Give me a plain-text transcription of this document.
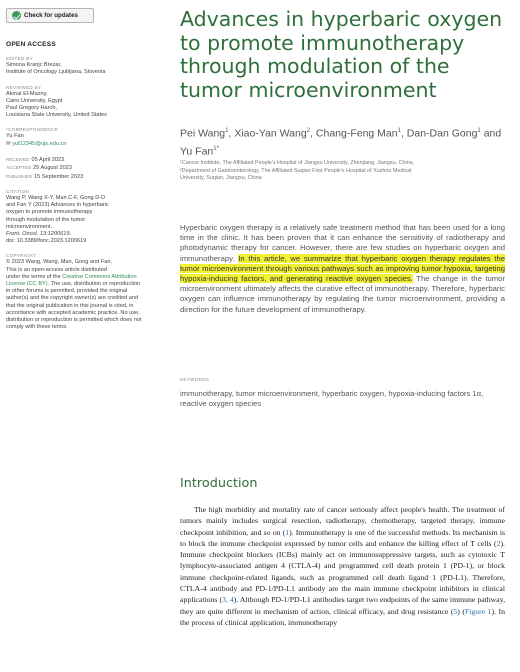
Check for updates
OPEN ACCESS
EDITED BY
Simona Kranjc Brezar,
Institute of Oncology Ljubljana, Slovenia
REVIEWED BY
Akmal El-Mazny,
Cairo University, Egypt
Paul Gregory Harch,
Louisiana State University, United States
*CORRESPONDENCE
Yu Fan
✉ yuf12345@ujs.edu.cn
RECEIVED 05 April 2023
ACCEPTED 25 August 2023
PUBLISHED 15 September 2023
CITATION
Wang P, Wang X-Y, Man C-F, Gong D-D
and Fan Y (2023) Advances in hyperbaric
oxygen to promote immunotherapy
through modulation of the tumor
microenvironment.
Front. Oncol. 13:1200619.
doi: 10.3389/fonc.2023.1200619
COPYRIGHT
© 2023 Wang, Wang, Man, Gong and Fan.
This is an open-access article distributed
under the terms of the Creative Commons Attribution License (CC BY). The use, distribution or reproduction in other forums is permitted, provided the original author(s) and the copyright owner(s) are credited and that the original publication in this journal is cited, in accordance with accepted academic practice. No use, distribution or reproduction is permitted which does not comply with these terms.
Advances in hyperbaric oxygen to promote immunotherapy through modulation of the tumor microenvironment
Pei Wang$^1$, Xiao-Yan Wang$^2$, Chang-Feng Man$^1$, Dan-Dan Gong$^1$ and Yu Fan$^{1*}$
¹Cancer Institute, The Affiliated People's Hospital of Jiangsu University, Zhenjiang, Jiangsu, China,
²Department of Gastroenterology, The Affiliated Suqian First People's Hospital of Xuzhou Medical
University, Suqian, Jiangsu, China
Hyperbaric oxygen therapy is a relatively safe treatment method that has been used for a long time in the clinic. It has been proven that it can enhance the sensitivity of radiotherapy and photodynamic therapy for cancer. However, there are few studies on hyperbaric oxygen and immunotherapy. In this article, we summarize that hyperbaric oxygen therapy regulates the tumor microenvironment through various pathways such as improving tumor hypoxia, targeting hypoxia-inducing factors, and generating reactive oxygen species. The change in the tumor microenvironment ultimately affects the curative effect of immunotherapy. Therefore, hyperbaric oxygen can influence immunotherapy by regulating the tumor microenvironment, providing a direction for the future development of immunotherapy.
KEYWORDS
immunotherapy, tumor microenvironment, hyperbaric oxygen, hypoxia-inducing factors 1α, reactive oxygen species
Introduction
The high morbidity and mortality rate of cancer seriously affect people's health. The treatment of tumors mainly includes surgical resection, radiotherapy, chemotherapy, targeted therapy, immune checkpoint inhibition, and so on (1). Immunotherapy is one of the successful methods. Its mechanism is to block the immune checkpoint expressed by tumor cells and enhance the killing effect of T cells (2). Immune checkpoint blockers (ICBs) mainly act on immunosuppressive targets, such as cytotoxic T lymphocyte-associated antigen 4 (CTLA-4) and programmed cell death protein 1 (PD-1), or block immune checkpoint-related ligands, such as programmed cell death ligand 1 (PD-L1). Therefore, CTLA-4 antibody and PD-1/PD-L1 antibody are the main immune checkpoint inhibitors in clinical applications (3, 4). Although PD-1/PD-L1 antibodies target two endpoints of the same immune pathway, they are quite different in mechanism of action, clinical efficacy, and drug resistance (5) (Figure 1). In the process of clinical application, immunotherapy
